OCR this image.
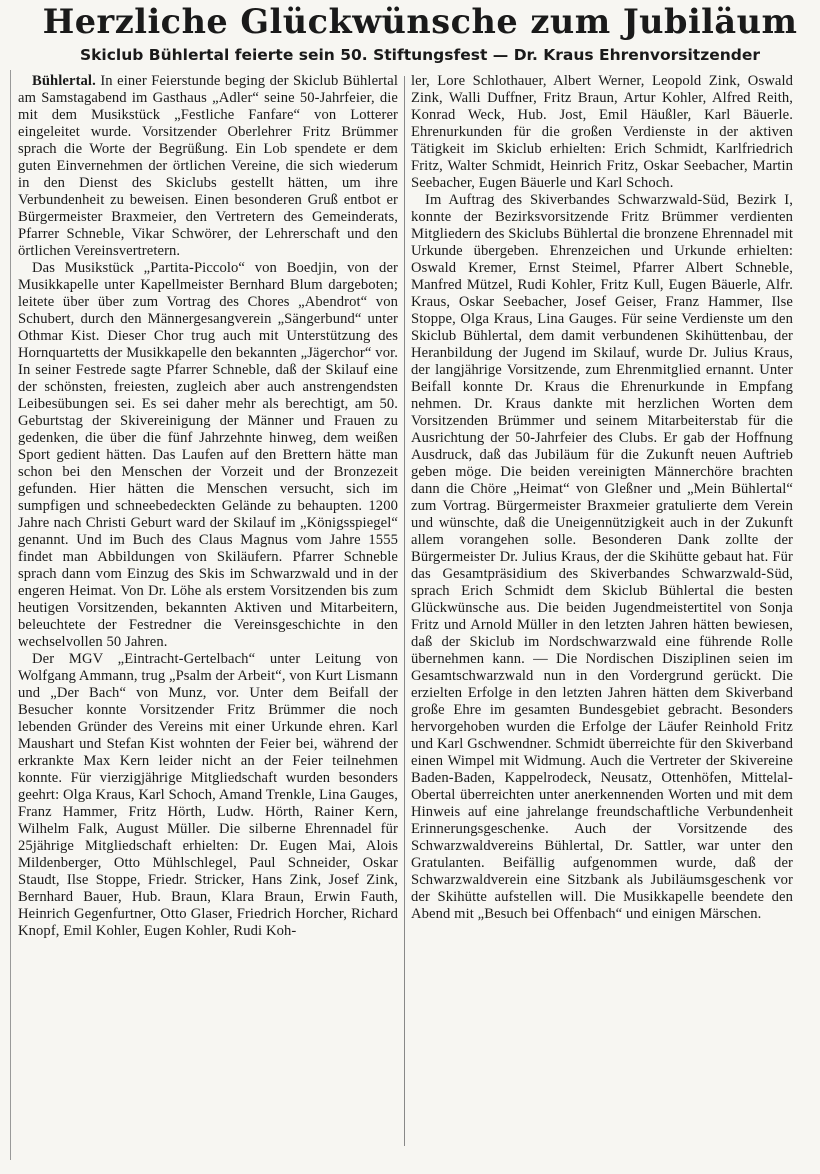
Herzliche Glückwünsche zum Jubiläum
Skiclub Bühlertal feierte sein 50. Stiftungsfest — Dr. Kraus Ehrenvorsitzender

Bühlertal. In einer Feierstunde beging der Skiclub Bühlertal am Samstagabend im Gasthaus „Adler“ seine 50-Jahrfeier, die mit dem Musikstück „Festliche Fanfare“ von Lotterer eingeleitet wurde. Vorsitzender Oberlehrer Fritz Brümmer sprach die Worte der Begrüßung. Ein Lob spendete er dem guten Einvernehmen der örtlichen Vereine, die sich wiederum in den Dienst des Skiclubs gestellt hätten, um ihre Verbundenheit zu beweisen. Einen besonderen Gruß entbot er Bürgermeister Braxmeier, den Vertretern des Gemeinderats, Pfarrer Schneble, Vikar Schwörer, der Lehrerschaft und den örtlichen Vereinsvertretern.

Das Musikstück „Partita-Piccolo“ von Boedjin, von der Musikkapelle unter Kapellmeister Bernhard Blum dargeboten; leitete über über zum Vortrag des Chores „Abendrot“ von Schubert, durch den Männergesangverein „Sängerbund“ unter Othmar Kist. Dieser Chor trug auch mit Unterstützung des Hornquartetts der Musikkapelle den bekannten „Jägerchor“ vor. In seiner Festrede sagte Pfarrer Schneble, daß der Skilauf eine der schönsten, freiesten, zugleich aber auch anstrengendsten Leibesübungen sei. Es sei daher mehr als berechtigt, am 50. Geburtstag der Skivereinigung der Männer und Frauen zu gedenken, die über die fünf Jahrzehnte hinweg, dem weißen Sport gedient hätten. Das Laufen auf den Brettern hätte man schon bei den Menschen der Vorzeit und der Bronzezeit gefunden. Hier hätten die Menschen versucht, sich im sumpfigen und schneebedeckten Gelände zu behaupten. 1200 Jahre nach Christi Geburt ward der Skilauf im „Königsspiegel“ genannt. Und im Buch des Claus Magnus vom Jahre 1555 findet man Abbildungen von Skiläufern. Pfarrer Schneble sprach dann vom Einzug des Skis im Schwarzwald und in der engeren Heimat. Von Dr. Löhe als erstem Vorsitzenden bis zum heutigen Vorsitzenden, bekannten Aktiven und Mitarbeitern, beleuchtete der Festredner die Vereinsgeschichte in den wechselvollen 50 Jahren.

Der MGV „Eintracht-Gertelbach“ unter Leitung von Wolfgang Ammann, trug „Psalm der Arbeit“, von Kurt Lismann und „Der Bach“ von Munz, vor. Unter dem Beifall der Besucher konnte Vorsitzender Fritz Brümmer die noch lebenden Gründer des Vereins mit einer Urkunde ehren. Karl Maushart und Stefan Kist wohnten der Feier bei, während der erkrankte Max Kern leider nicht an der Feier teilnehmen konnte. Für vierzigjährige Mitgliedschaft wurden besonders geehrt: Olga Kraus, Karl Schoch, Amand Trenkle, Lina Gauges, Franz Hammer, Fritz Hörth, Ludw. Hörth, Rainer Kern, Wilhelm Falk, August Müller. Die silberne Ehrennadel für 25jährige Mitgliedschaft erhielten: Dr. Eugen Mai, Alois Mildenberger, Otto Mühlschlegel, Paul Schneider, Oskar Staudt, Ilse Stoppe, Friedr. Stricker, Hans Zink, Josef Zink, Bernhard Bauer, Hub. Braun, Klara Braun, Erwin Fauth, Heinrich Gegenfurtner, Otto Glaser, Friedrich Horcher, Richard Knopf, Emil Kohler, Eugen Kohler, Rudi Koh-

ler, Lore Schlothauer, Albert Werner, Leopold Zink, Oswald Zink, Walli Duffner, Fritz Braun, Artur Kohler, Alfred Reith, Konrad Weck, Hub. Jost, Emil Häußler, Karl Bäuerle. Ehrenurkunden für die großen Verdienste in der aktiven Tätigkeit im Skiclub erhielten: Erich Schmidt, Karlfriedrich Fritz, Walter Schmidt, Heinrich Fritz, Oskar Seebacher, Martin Seebacher, Eugen Bäuerle und Karl Schoch.

Im Auftrag des Skiverbandes Schwarzwald-Süd, Bezirk I, konnte der Bezirksvorsitzende Fritz Brümmer verdienten Mitgliedern des Skiclubs Bühlertal die bronzene Ehrennadel mit Urkunde übergeben. Ehrenzeichen und Urkunde erhielten: Oswald Kremer, Ernst Steimel, Pfarrer Albert Schneble, Manfred Mützel, Rudi Kohler, Fritz Kull, Eugen Bäuerle, Alfr. Kraus, Oskar Seebacher, Josef Geiser, Franz Hammer, Ilse Stoppe, Olga Kraus, Lina Gauges. Für seine Verdienste um den Skiclub Bühlertal, dem damit verbundenen Skihüttenbau, der Heranbildung der Jugend im Skilauf, wurde Dr. Julius Kraus, der langjährige Vorsitzende, zum Ehrenmitglied ernannt. Unter Beifall konnte Dr. Kraus die Ehrenurkunde in Empfang nehmen. Dr. Kraus dankte mit herzlichen Worten dem Vorsitzenden Brümmer und seinem Mitarbeiterstab für die Ausrichtung der 50-Jahrfeier des Clubs. Er gab der Hoffnung Ausdruck, daß das Jubiläum für die Zukunft neuen Auftrieb geben möge. Die beiden vereinigten Männerchöre brachten dann die Chöre „Heimat“ von Gleßner und „Mein Bühlertal“ zum Vortrag. Bürgermeister Braxmeier gratulierte dem Verein und wünschte, daß die Uneigennützigkeit auch in der Zukunft allem vorangehen solle. Besonderen Dank zollte der Bürgermeister Dr. Julius Kraus, der die Skihütte gebaut hat. Für das Gesamtpräsidium des Skiverbandes Schwarzwald-Süd, sprach Erich Schmidt dem Skiclub Bühlertal die besten Glückwünsche aus. Die beiden Jugendmeistertitel von Sonja Fritz und Arnold Müller in den letzten Jahren hätten bewiesen, daß der Skiclub im Nordschwarzwald eine führende Rolle übernehmen kann. — Die Nordischen Disziplinen seien im Gesamtschwarzwald nun in den Vordergrund gerückt. Die erzielten Erfolge in den letzten Jahren hätten dem Skiverband große Ehre im gesamten Bundesgebiet gebracht. Besonders hervorgehoben wurden die Erfolge der Läufer Reinhold Fritz und Karl Gschwendner. Schmidt überreichte für den Skiverband einen Wimpel mit Widmung. Auch die Vertreter der Skivereine Baden-Baden, Kappelrodeck, Neusatz, Ottenhöfen, Mittelal-Obertal überreichten unter anerkennenden Worten und mit dem Hinweis auf eine jahrelange freundschaftliche Verbundenheit Erinnerungsgeschenke. Auch der Vorsitzende des Schwarzwaldvereins Bühlertal, Dr. Sattler, war unter den Gratulanten. Beifällig aufgenommen wurde, daß der Schwarzwaldverein eine Sitzbank als Jubiläumsgeschenk vor der Skihütte aufstellen will. Die Musikkapelle beendete den Abend mit „Besuch bei Offenbach“ und einigen Märschen.
